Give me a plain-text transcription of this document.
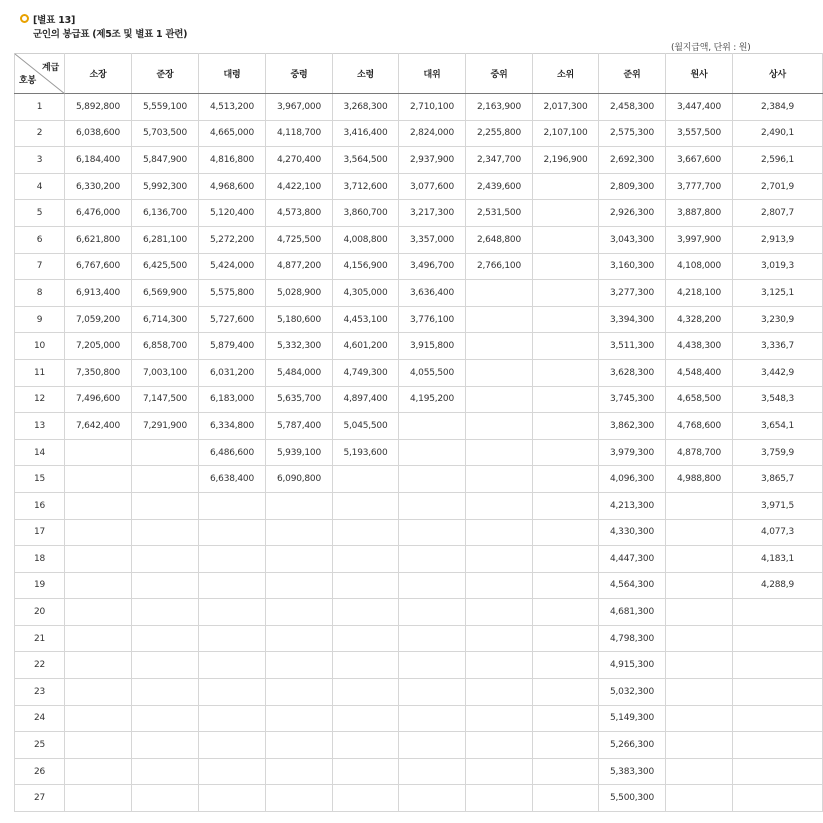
[별표 13]
군인의 봉급표 (제5조 및 별표 1 관련)
(월지급액, 단위 : 원)
계급
호봉	소장	준장	대령	중령	소령	대위	중위	소위	준위	원사	상사
1	5,892,800	5,559,100	4,513,200	3,967,000	3,268,300	2,710,100	2,163,900	2,017,300	2,458,300	3,447,400	2,384,9
2	6,038,600	5,703,500	4,665,000	4,118,700	3,416,400	2,824,000	2,255,800	2,107,100	2,575,300	3,557,500	2,490,1
3	6,184,400	5,847,900	4,816,800	4,270,400	3,564,500	2,937,900	2,347,700	2,196,900	2,692,300	3,667,600	2,596,1
4	6,330,200	5,992,300	4,968,600	4,422,100	3,712,600	3,077,600	2,439,600		2,809,300	3,777,700	2,701,9
5	6,476,000	6,136,700	5,120,400	4,573,800	3,860,700	3,217,300	2,531,500		2,926,300	3,887,800	2,807,7
6	6,621,800	6,281,100	5,272,200	4,725,500	4,008,800	3,357,000	2,648,800		3,043,300	3,997,900	2,913,9
7	6,767,600	6,425,500	5,424,000	4,877,200	4,156,900	3,496,700	2,766,100		3,160,300	4,108,000	3,019,3
8	6,913,400	6,569,900	5,575,800	5,028,900	4,305,000	3,636,400			3,277,300	4,218,100	3,125,1
9	7,059,200	6,714,300	5,727,600	5,180,600	4,453,100	3,776,100			3,394,300	4,328,200	3,230,9
10	7,205,000	6,858,700	5,879,400	5,332,300	4,601,200	3,915,800			3,511,300	4,438,300	3,336,7
11	7,350,800	7,003,100	6,031,200	5,484,000	4,749,300	4,055,500			3,628,300	4,548,400	3,442,9
12	7,496,600	7,147,500	6,183,000	5,635,700	4,897,400	4,195,200			3,745,300	4,658,500	3,548,3
13	7,642,400	7,291,900	6,334,800	5,787,400	5,045,500				3,862,300	4,768,600	3,654,1
14			6,486,600	5,939,100	5,193,600				3,979,300	4,878,700	3,759,9
15			6,638,400	6,090,800					4,096,300	4,988,800	3,865,7
16									4,213,300		3,971,5
17									4,330,300		4,077,3
18									4,447,300		4,183,1
19									4,564,300		4,288,9
20									4,681,300		
21									4,798,300		
22									4,915,300		
23									5,032,300		
24									5,149,300		
25									5,266,300		
26									5,383,300		
27									5,500,300		
